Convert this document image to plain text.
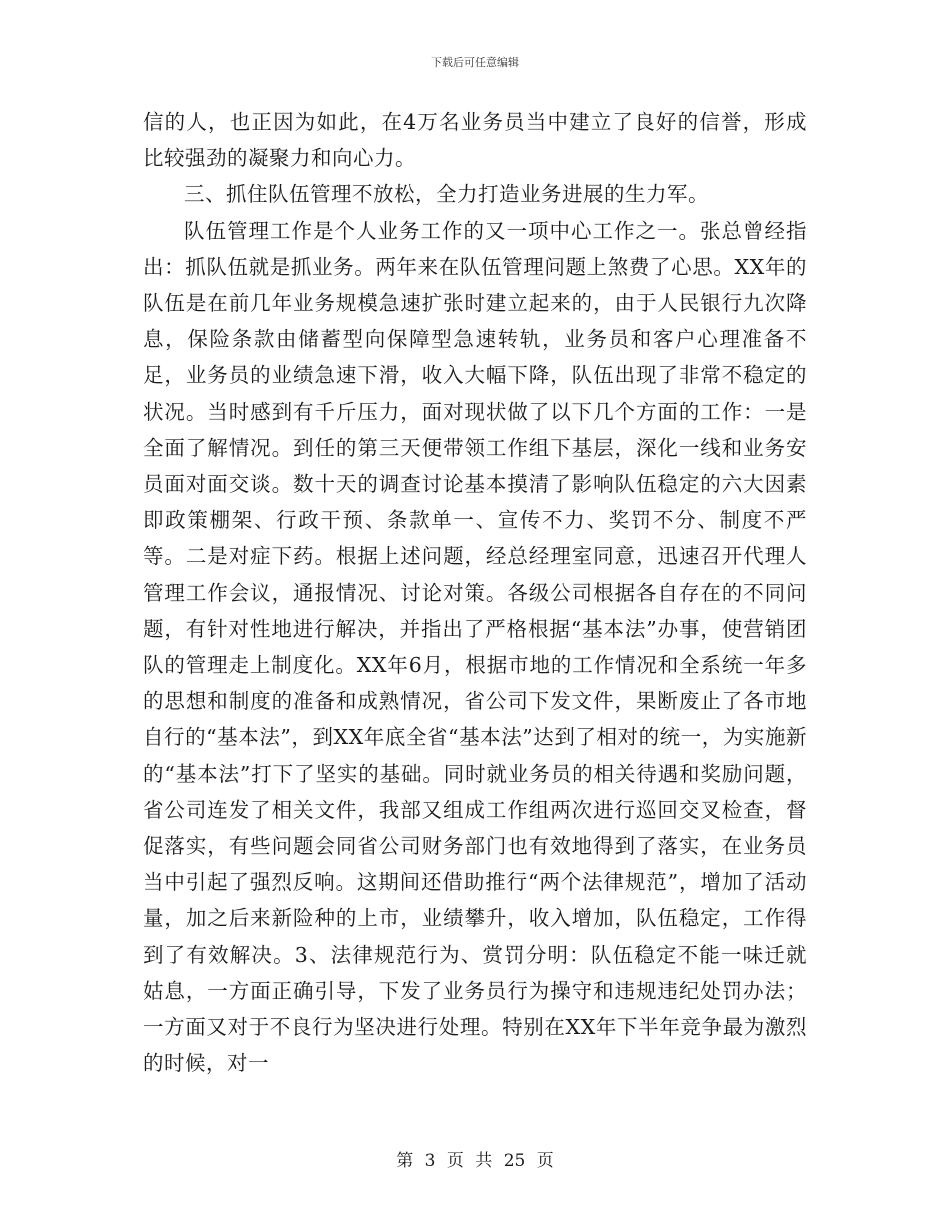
下载后可任意编辑

信的人，也正因为如此，在4万名业务员当中建立了良好的信誉，形成比较强劲的凝聚力和向心力。

三、抓住队伍管理不放松，全力打造业务进展的生力军。

队伍管理工作是个人业务工作的又一项中心工作之一。张总曾经指出：抓队伍就是抓业务。两年来在队伍管理问题上煞费了心思。XX年的队伍是在前几年业务规模急速扩张时建立起来的，由于人民银行九次降息，保险条款由储蓄型向保障型急速转轨，业务员和客户心理准备不足，业务员的业绩急速下滑，收入大幅下降，队伍出现了非常不稳定的状况。当时感到有千斤压力，面对现状做了以下几个方面的工作：一是全面了解情况。到任的第三天便带领工作组下基层，深化一线和业务安员面对面交谈。数十天的调查讨论基本摸清了影响队伍稳定的六大因素即政策棚架、行政干预、条款单一、宣传不力、奖罚不分、制度不严等。二是对症下药。根据上述问题，经总经理室同意，迅速召开代理人管理工作会议，通报情况、讨论对策。各级公司根据各自存在的不同问题，有针对性地进行解决，并指出了严格根据“基本法”办事，使营销团队的管理走上制度化。XX年6月，根据市地的工作情况和全系统一年多的思想和制度的准备和成熟情况，省公司下发文件，果断废止了各市地自行的“基本法”，到XX年底全省“基本法”达到了相对的统一，为实施新的“基本法”打下了坚实的基础。同时就业务员的相关待遇和奖励问题，省公司连发了相关文件，我部又组成工作组两次进行巡回交叉检查，督促落实，有些问题会同省公司财务部门也有效地得到了落实，在业务员当中引起了强烈反响。这期间还借助推行“两个法律规范”，增加了活动量，加之后来新险种的上市，业绩攀升，收入增加，队伍稳定，工作得到了有效解决。3、法律规范行为、赏罚分明：队伍稳定不能一味迁就姑息，一方面正确引导，下发了业务员行为操守和违规违纪处罚办法；一方面又对于不良行为坚决进行处理。特别在XX年下半年竞争最为激烈的时候，对一

第 3 页 共 25 页
